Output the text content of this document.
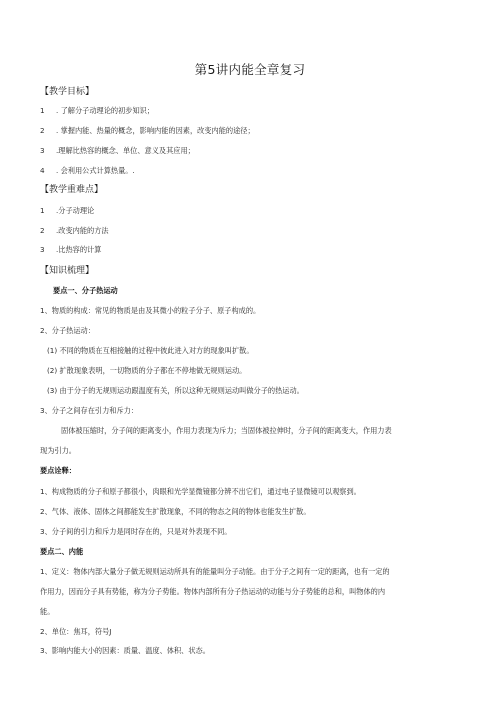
第5讲内能全章复习
【教学目标】
1 . 了解分子动理论的初步知识；
2 . 掌握内能、热量的概念，影响内能的因素，改变内能的途径；
3 .理解比热容的概念、单位、意义及其应用；
4 . 会利用公式计算热量。.
【教学重难点】
1 .分子动理论
2 .改变内能的方法
3 .比热容的计算
【知识梳理】
要点一、分子热运动
1、物质的构成：常见的物质是由及其微小的粒子分子、原子构成的。
2、分子热运动：
(1) 不同的物质在互相接触的过程中彼此进入对方的现象叫扩散。
(2) 扩散现象表明，一切物质的分子都在不停地做无规则运动。
(3) 由于分子的无规则运动跟温度有关，所以这种无规则运动叫做分子的热运动。
3、分子之间存在引力和斥力：
固体被压缩时，分子间的距离变小，作用力表现为斥力；当固体被拉伸时，分子间的距离变大，作用力表
现为引力。
要点诠释：
1、构成物质的分子和原子都很小，肉眼和光学显微镜都分辨不出它们，通过电子显微镜可以观察到。
2、气体、液体、固体之间都能发生扩散现象，不同的物态之间的物体也能发生扩散。
3、分子间的引力和斥力是同时存在的，只是对外表现不同。
要点二、内能
1、定义：物体内部大量分子做无规则运动所具有的能量叫分子动能。由于分子之间有一定的距离，也有一定的
作用力，因而分子具有势能，称为分子势能。物体内部所有分子热运动的动能与分子势能的总和，叫物体的内
能。
2、单位：焦耳，符号J
3、影响内能大小的因素：质量、温度、体积、状态。
